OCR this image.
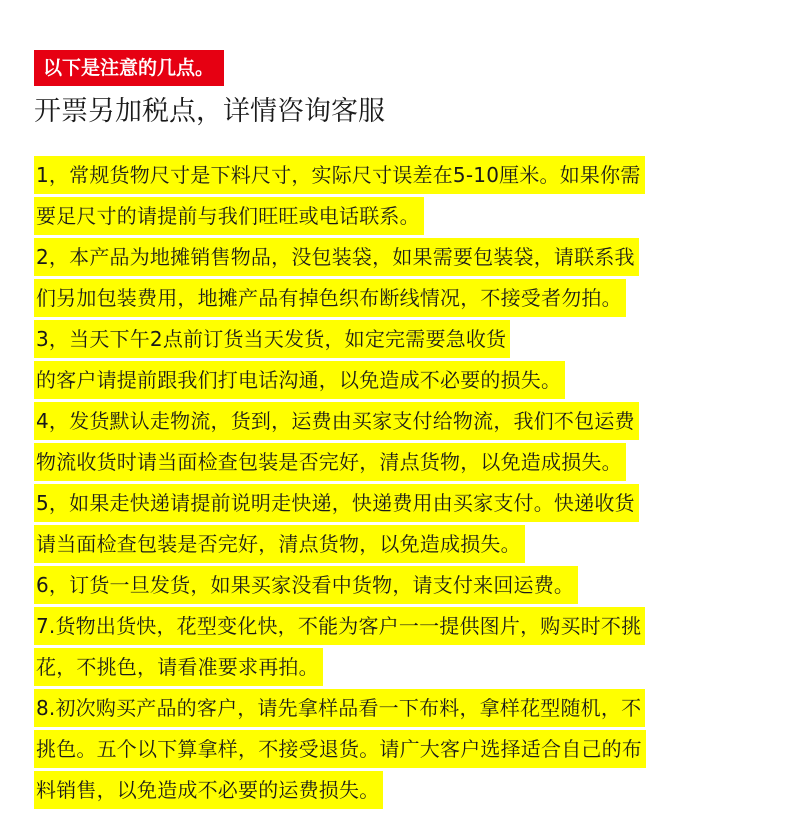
以下是注意的几点。
开票另加税点，详情咨询客服
1，常规货物尺寸是下料尺寸，实际尺寸误差在5-10厘米。如果你需
要足尺寸的请提前与我们旺旺或电话联系。
2，本产品为地摊销售物品，没包装袋，如果需要包装袋，请联系我
们另加包装费用，地摊产品有掉色织布断线情况，不接受者勿拍。
3，当天下午2点前订货当天发货，如定完需要急收货
的客户请提前跟我们打电话沟通，以免造成不必要的损失。
4，发货默认走物流，货到，运费由买家支付给物流，我们不包运费
物流收货时请当面检查包装是否完好，清点货物，以免造成损失。
5，如果走快递请提前说明走快递，快递费用由买家支付。快递收货
请当面检查包装是否完好，清点货物，以免造成损失。
6，订货一旦发货，如果买家没看中货物，请支付来回运费。
7.货物出货快，花型变化快，不能为客户一一提供图片，购买时不挑
花，不挑色，请看准要求再拍。
8.初次购买产品的客户，请先拿样品看一下布料，拿样花型随机，不
挑色。五个以下算拿样，不接受退货。请广大客户选择适合自己的布
料销售，以免造成不必要的运费损失。
